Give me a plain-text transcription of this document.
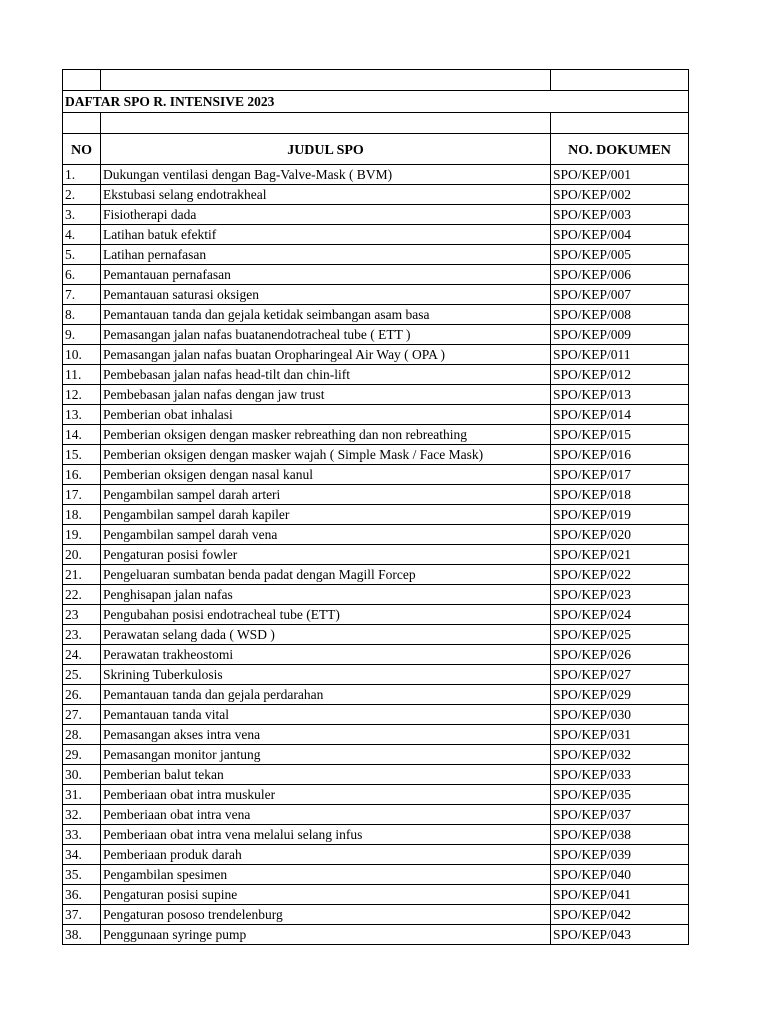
DAFTAR SPO R. INTENSIVE 2023		

NO	JUDUL SPO	NO. DOKUMEN
1.	Dukungan ventilasi dengan Bag-Valve-Mask ( BVM)	SPO/KEP/001
2.	Ekstubasi selang endotrakheal	SPO/KEP/002
3.	Fisiotherapi dada	SPO/KEP/003
4.	Latihan batuk efektif	SPO/KEP/004
5.	Latihan pernafasan	SPO/KEP/005
6.	Pemantauan pernafasan	SPO/KEP/006
7.	Pemantauan saturasi oksigen	SPO/KEP/007
8.	Pemantauan tanda dan gejala ketidak seimbangan asam basa	SPO/KEP/008
9.	Pemasangan jalan nafas buatanendotracheal tube ( ETT )	SPO/KEP/009
10.	Pemasangan jalan nafas buatan Oropharingeal Air Way ( OPA )	SPO/KEP/011
11.	Pembebasan jalan nafas head-tilt dan chin-lift	SPO/KEP/012
12.	Pembebasan jalan nafas dengan jaw trust	SPO/KEP/013
13.	Pemberian obat inhalasi	SPO/KEP/014
14.	Pemberian oksigen dengan masker rebreathing dan non rebreathing	SPO/KEP/015
15.	Pemberian oksigen dengan masker wajah ( Simple Mask / Face Mask)	SPO/KEP/016
16.	Pemberian oksigen dengan nasal kanul	SPO/KEP/017
17.	Pengambilan sampel darah arteri	SPO/KEP/018
18.	Pengambilan sampel darah kapiler	SPO/KEP/019
19.	Pengambilan sampel darah vena	SPO/KEP/020
20.	Pengaturan posisi fowler	SPO/KEP/021
21.	Pengeluaran sumbatan benda padat dengan Magill Forcep	SPO/KEP/022
22.	Penghisapan jalan nafas	SPO/KEP/023
23	Pengubahan posisi endotracheal tube (ETT)	SPO/KEP/024
23.	Perawatan selang dada ( WSD )	SPO/KEP/025
24.	Perawatan trakheostomi	SPO/KEP/026
25.	Skrining Tuberkulosis	SPO/KEP/027
26.	Pemantauan tanda dan gejala perdarahan	SPO/KEP/029
27.	Pemantauan tanda vital	SPO/KEP/030
28.	Pemasangan akses intra vena	SPO/KEP/031
29.	Pemasangan monitor jantung	SPO/KEP/032
30.	Pemberian balut tekan	SPO/KEP/033
31.	Pemberiaan obat intra muskuler	SPO/KEP/035
32.	Pemberiaan obat intra vena	SPO/KEP/037
33.	Pemberiaan obat intra vena melalui selang infus	SPO/KEP/038
34.	Pemberiaan produk darah	SPO/KEP/039
35.	Pengambilan spesimen	SPO/KEP/040
36.	Pengaturan posisi supine	SPO/KEP/041
37.	Pengaturan pososo trendelenburg	SPO/KEP/042
38.	Penggunaan syringe pump	SPO/KEP/043
